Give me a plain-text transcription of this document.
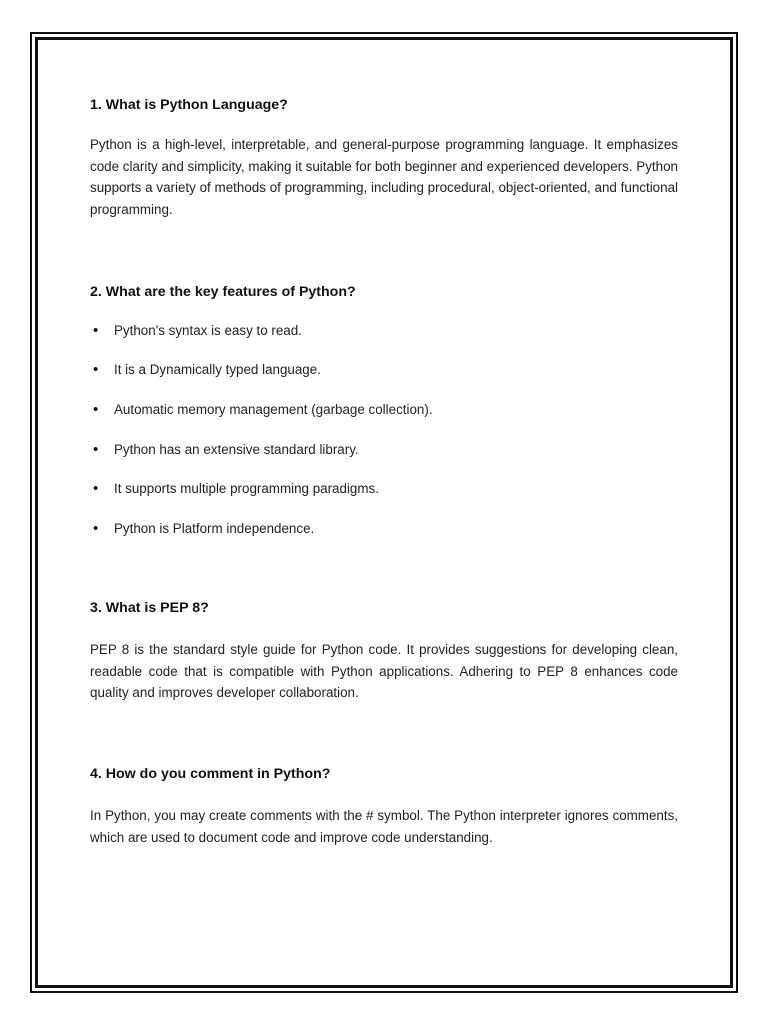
1. What is Python Language?

Python is a high-level, interpretable, and general-purpose programming language. It emphasizes code clarity and simplicity, making it suitable for both beginner and experienced developers. Python supports a variety of methods of programming, including procedural, object-oriented, and functional programming.

2. What are the key features of Python?
• Python's syntax is easy to read.
• It is a Dynamically typed language.
• Automatic memory management (garbage collection).
• Python has an extensive standard library.
• It supports multiple programming paradigms.
• Python is Platform independence.
3. What is PEP 8?

PEP 8 is the standard style guide for Python code. It provides suggestions for developing clean, readable code that is compatible with Python applications. Adhering to PEP 8 enhances code quality and improves developer collaboration.

4. How do you comment in Python?

In Python, you may create comments with the # symbol. The Python interpreter ignores comments, which are used to document code and improve code understanding.
